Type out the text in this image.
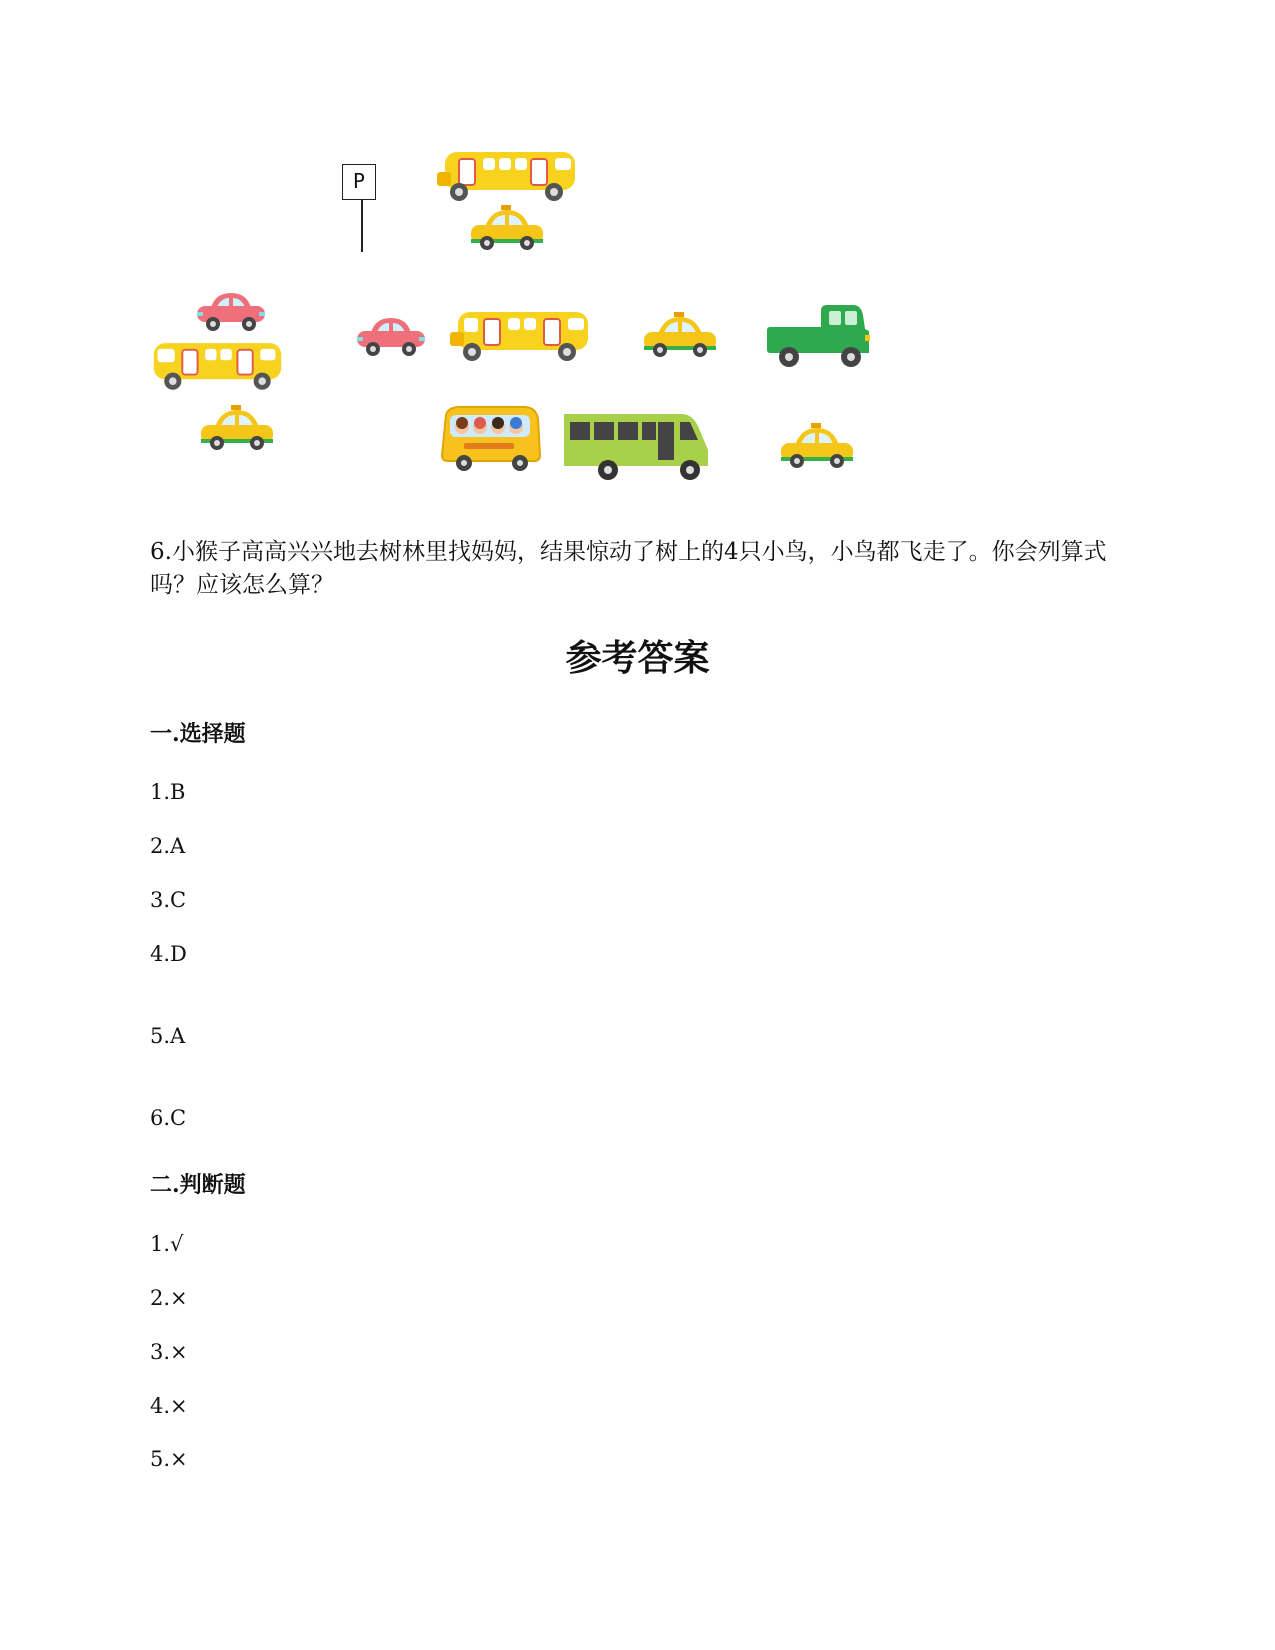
P
6.小猴子高高兴兴地去树林里找妈妈，结果惊动了树上的4只小鸟，小鸟都飞走了。你会列算式吗？应该怎么算？
参考答案
一.选择题
1.B
2.A
3.C
4.D
5.A
6.C
二.判断题
1.√
2.×
3.×
4.×
5.×
